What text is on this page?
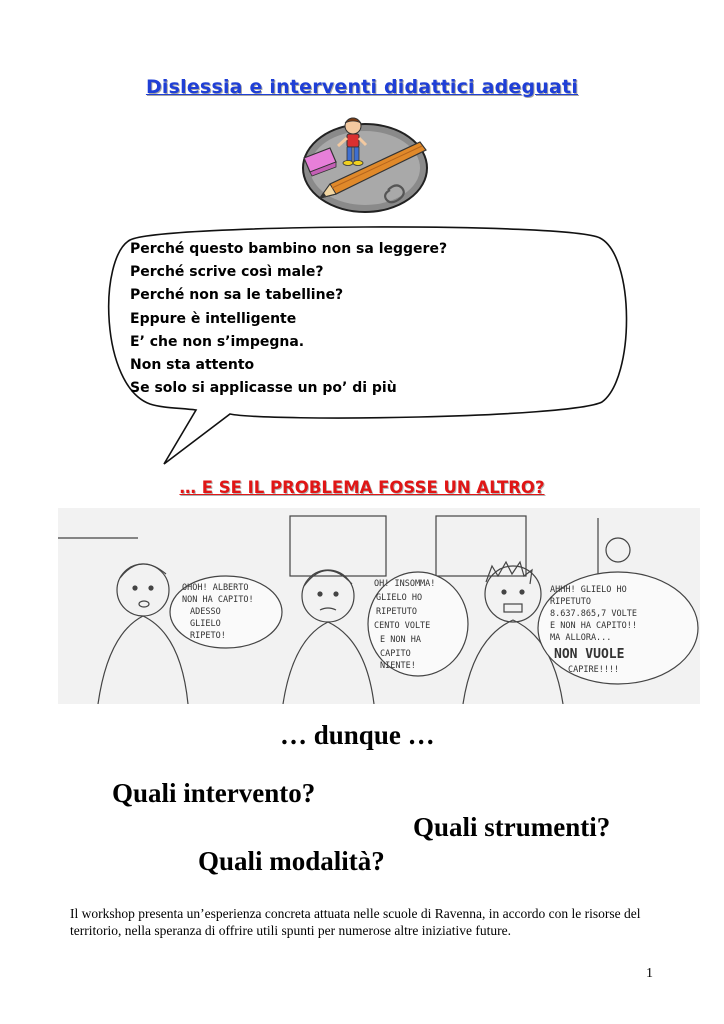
Dislessia e interventi didattici adeguati
Perché questo bambino non sa leggere?
Perché scrive così male?
Perché non sa le tabelline?
Eppure è intelligente
E’ che non s’impegna.
Non sta attento
Se solo si applicasse un po’ di più
… E SE IL PROBLEMA FOSSE UN ALTRO?
OHOH! ALBERTO
NON HA CAPITO!
ADESSO
GLIELO
RIPETO!
OH! INSOMMA!
GLIELO HO
RIPETUTO
CENTO VOLTE
E NON HA
CAPITO
NIENTE!
AHHH! GLIELO HO
RIPETUTO
8.637.865,7 VOLTE
E NON HA CAPITO!!
MA ALLORA...
NON VUOLE
CAPIRE!!!!
… dunque …
Quali intervento?
Quali strumenti?
Quali modalità?
Il workshop presenta un’esperienza concreta attuata nelle scuole di Ravenna, in accordo con le risorse del territorio, nella speranza di offrire utili spunti per numerose altre iniziative future.
1
